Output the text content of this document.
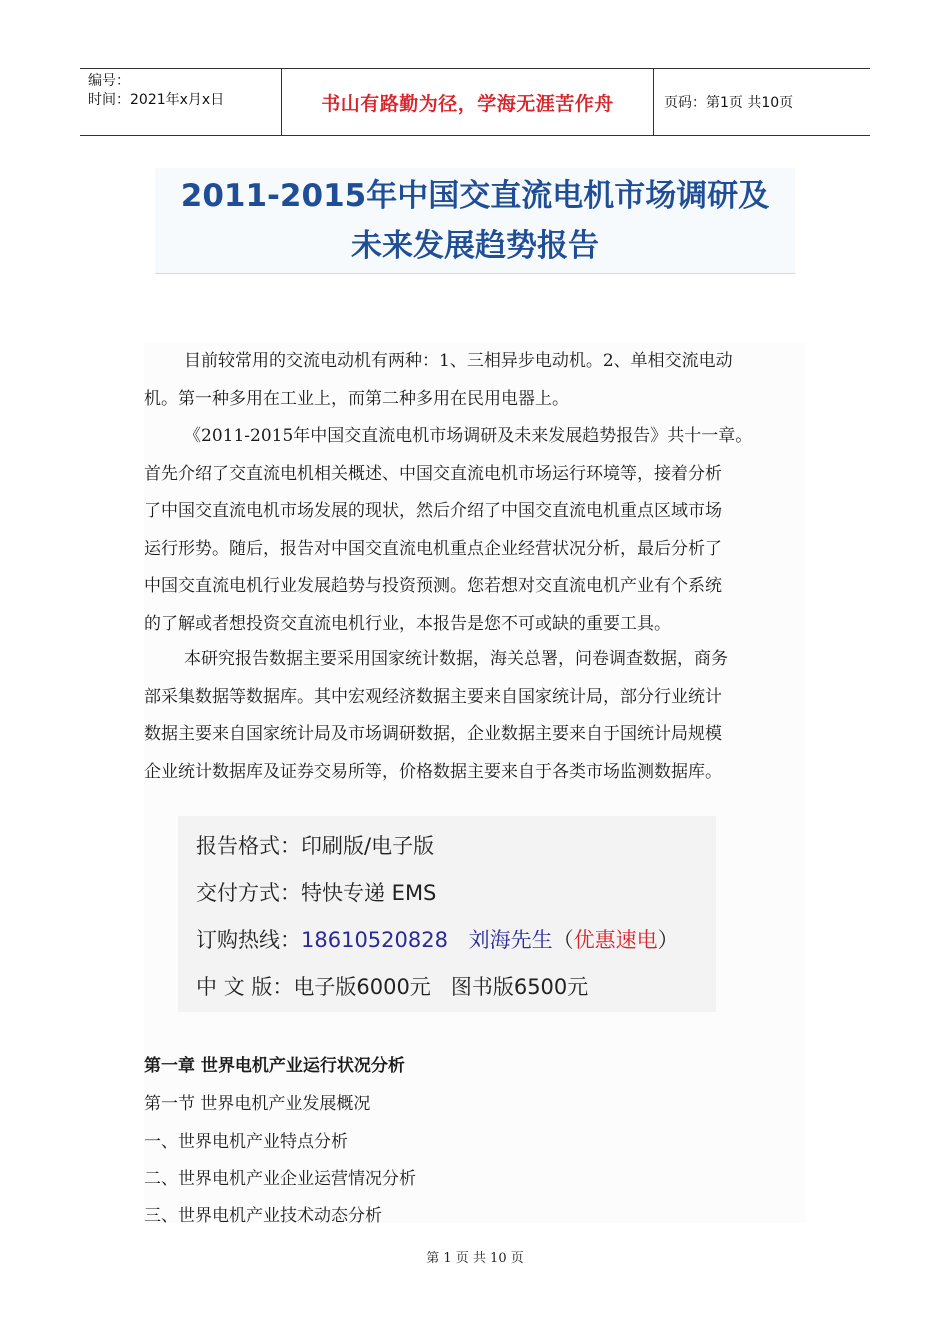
编号：
时间：2021年x月x日	书山有路勤为径，学海无涯苦作舟	页码：第1页 共10页
2011-2015年中国交直流电机市场调研及
未来发展趋势报告
目前较常用的交流电动机有两种：1、三相异步电动机。2、单相交流电动
机。第一种多用在工业上，而第二种多用在民用电器上。
《2011-2015年中国交直流电机市场调研及未来发展趋势报告》共十一章。
首先介绍了交直流电机相关概述、中国交直流电机市场运行环境等，接着分析
了中国交直流电机市场发展的现状，然后介绍了中国交直流电机重点区域市场
运行形势。随后，报告对中国交直流电机重点企业经营状况分析，最后分析了
中国交直流电机行业发展趋势与投资预测。您若想对交直流电机产业有个系统
的了解或者想投资交直流电机行业，本报告是您不可或缺的重要工具。
本研究报告数据主要采用国家统计数据，海关总署，问卷调查数据，商务
部采集数据等数据库。其中宏观经济数据主要来自国家统计局，部分行业统计
数据主要来自国家统计局及市场调研数据，企业数据主要来自于国统计局规模
企业统计数据库及证券交易所等，价格数据主要来自于各类市场监测数据库。
报告格式：印刷版/电子版
交付方式：特快专递 EMS
订购热线：18610520828 刘海先生（优惠速电）
中 文 版：电子版6000元   图书版6500元
第一章 世界电机产业运行状况分析
第一节 世界电机产业发展概况
一、世界电机产业特点分析
二、世界电机产业企业运营情况分析
三、世界电机产业技术动态分析
第 1 页 共 10 页
